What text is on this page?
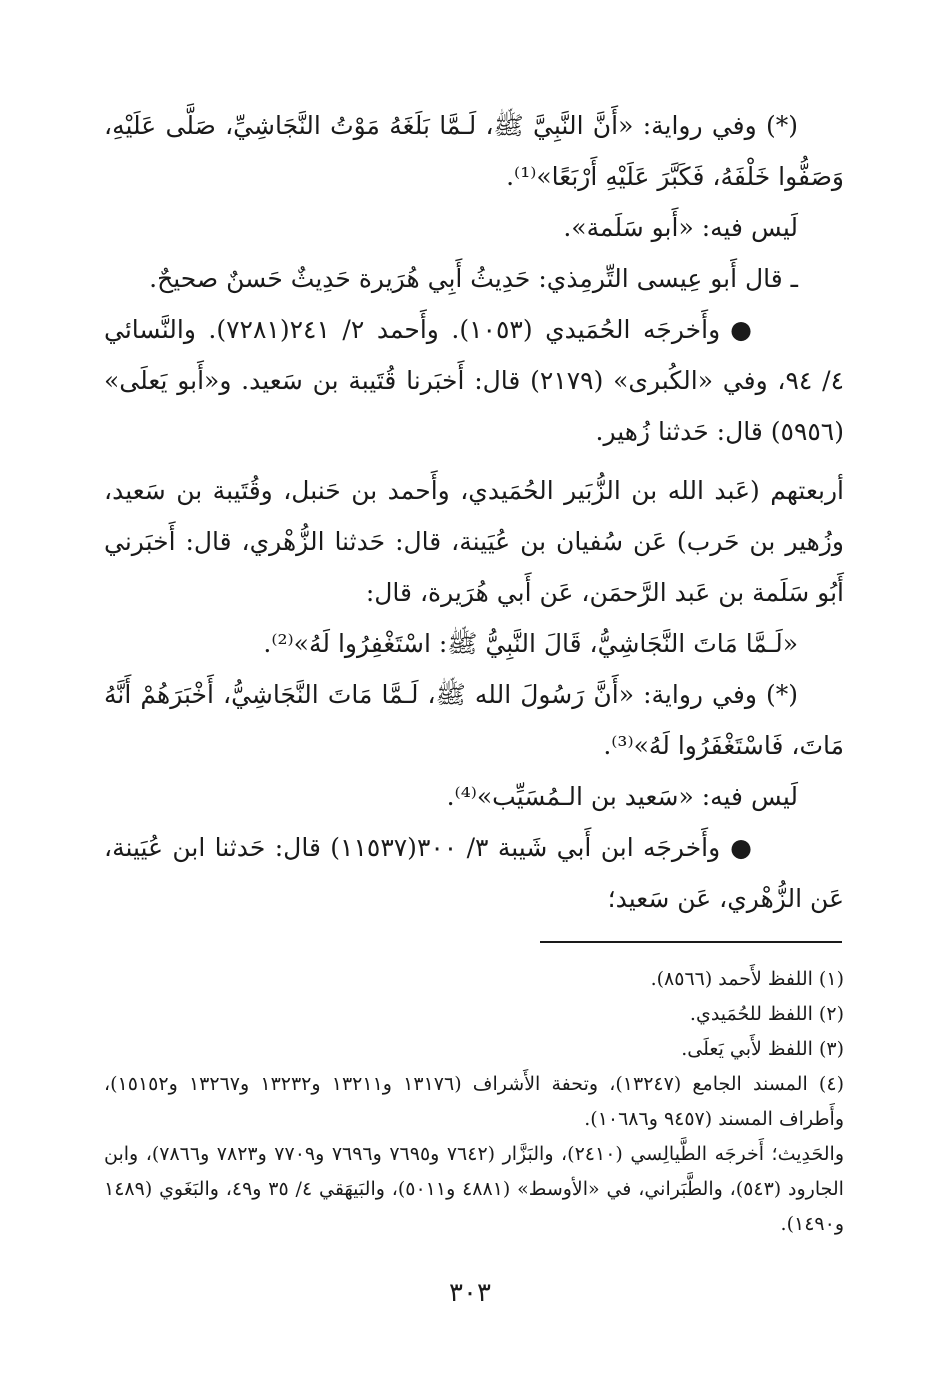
(*) وفي رواية: «أَنَّ النَّبِيَّ ﷺ، لَـمَّا بَلَغَهُ مَوْتُ النَّجَاشِيِّ، صَلَّى عَلَيْهِ، وَصَفُّوا خَلْفَهُ، فَكَبَّرَ عَلَيْهِ أَرْبَعًا»⁽¹⁾.

لَيس فيه: «أَبو سَلَمة».

ـ قال أَبو عِيسى التِّرمِذي: حَدِيثُ أَبِي هُرَيرة حَدِيثٌ حَسنٌ صحيحٌ.

●وأَخرجَه الحُمَيدي (١٠٥٣). وأَحمد ٢/ ٢٤١(٧٢٨١). والنَّسائي ٤/ ٩٤، وفي «الكُبرى» (٢١٧٩) قال: أَخبَرنا قُتَيبة بن سَعيد. و«أَبو يَعلَى» (٥٩٥٦) قال: حَدثنا زُهير.

أربعتهم (عَبد الله بن الزُّبَير الحُمَيدي، وأَحمد بن حَنبل، وقُتَيبة بن سَعيد، وزُهير بن حَرب) عَن سُفيان بن عُيَينة، قال: حَدثنا الزُّهْري، قال: أَخبَرني أَبُو سَلَمة بن عَبد الرَّحمَن، عَن أَبي هُرَيرة، قال:

«لَـمَّا مَاتَ النَّجَاشِيُّ، قَالَ النَّبِيُّ ﷺ: اسْتَغْفِرُوا لَهُ»⁽²⁾.

(*) وفي رواية: «أَنَّ رَسُولَ الله ﷺ، لَـمَّا مَاتَ النَّجَاشِيُّ، أَخْبَرَهُمْ أَنَّهُ مَاتَ، فَاسْتَغْفَرُوا لَهُ»⁽³⁾.

لَيس فيه: «سَعيد بن الـمُسَيِّب»⁽⁴⁾.

●وأَخرجَه ابن أَبي شَيبة ٣/ ٣٠٠(١١٥٣٧) قال: حَدثنا ابن عُيَينة، عَن الزُّهْري، عَن سَعيد؛

(١) اللفظ لأَحمد (٨٥٦٦).

(٢) اللفظ للحُمَيدي.

(٣) اللفظ لأَبي يَعلَى.

(٤) المسند الجامع (١٣٢٤٧)، وتحفة الأَشراف (١٣١٧٦ و١٣٢١١ و١٣٢٣٢ و١٣٢٦٧ و١٥١٥٢)، وأَطراف المسند (٩٤٥٧ و١٠٦٨٦).

والحَدِيث؛ أَخرجَه الطَّيالِسي (٢٤١٠)، والبَزَّار (٧٦٤٢ و٧٦٩٥ و٧٦٩٦ و٧٧٠٩ و٧٨٢٣ و٧٨٦٦)، وابن الجارود (٥٤٣)، والطَّبَراني، في «الأوسط» (٤٨٨١ و٥٠١١)، والبَيهَقي ٤/ ٣٥ و٤٩، والبَغَوي (١٤٨٩ و١٤٩٠).

٣٠٣
